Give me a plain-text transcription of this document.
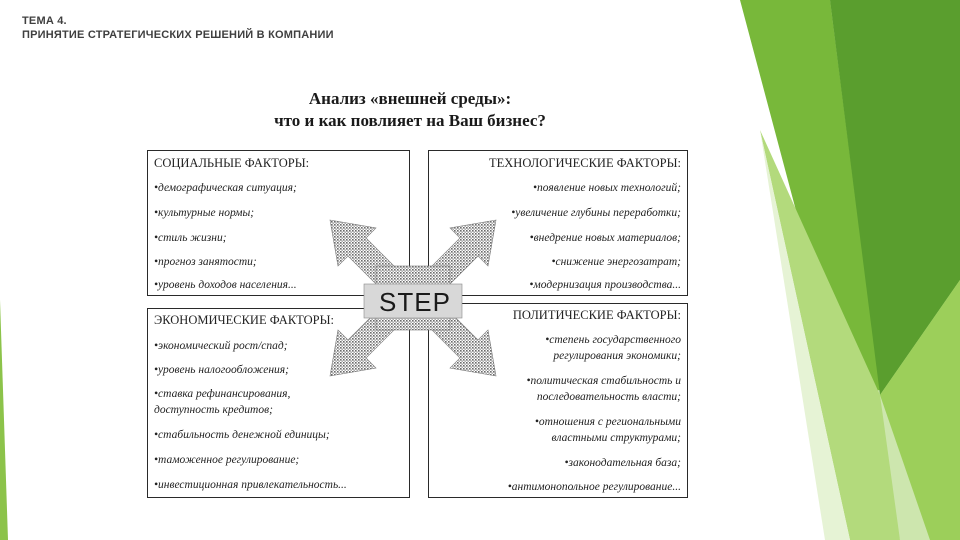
ТЕМА 4.
ПРИНЯТИЕ СТРАТЕГИЧЕСКИХ РЕШЕНИЙ В КОМПАНИИ
Анализ «внешней среды»:
что и как повлияет на Ваш бизнес?
СОЦИАЛЬНЫЕ ФАКТОРЫ:
•демографическая ситуация;
•культурные нормы;
•стиль жизни;
•прогноз занятости;
•уровень доходов населения...
ТЕХНОЛОГИЧЕСКИЕ ФАКТОРЫ:
•появление новых технологий;
•увеличение глубины переработки;
•внедрение новых материалов;
•снижение энергозатрат;
•модернизация производства...
ЭКОНОМИЧЕСКИЕ ФАКТОРЫ:
•экономический рост/спад;
•уровень налогообложения;
•ставка рефинансирования,
доступность кредитов;
•стабильность денежной единицы;
•таможенное регулирование;
•инвестиционная привлекательность...
ПОЛИТИЧЕСКИЕ ФАКТОРЫ:
•степень государственного
регулирования экономики;
•политическая стабильность и
последовательность власти;
•отношения с региональными
властными структурами;
•законодательная база;
•антимонопольное регулирование...
STEP
